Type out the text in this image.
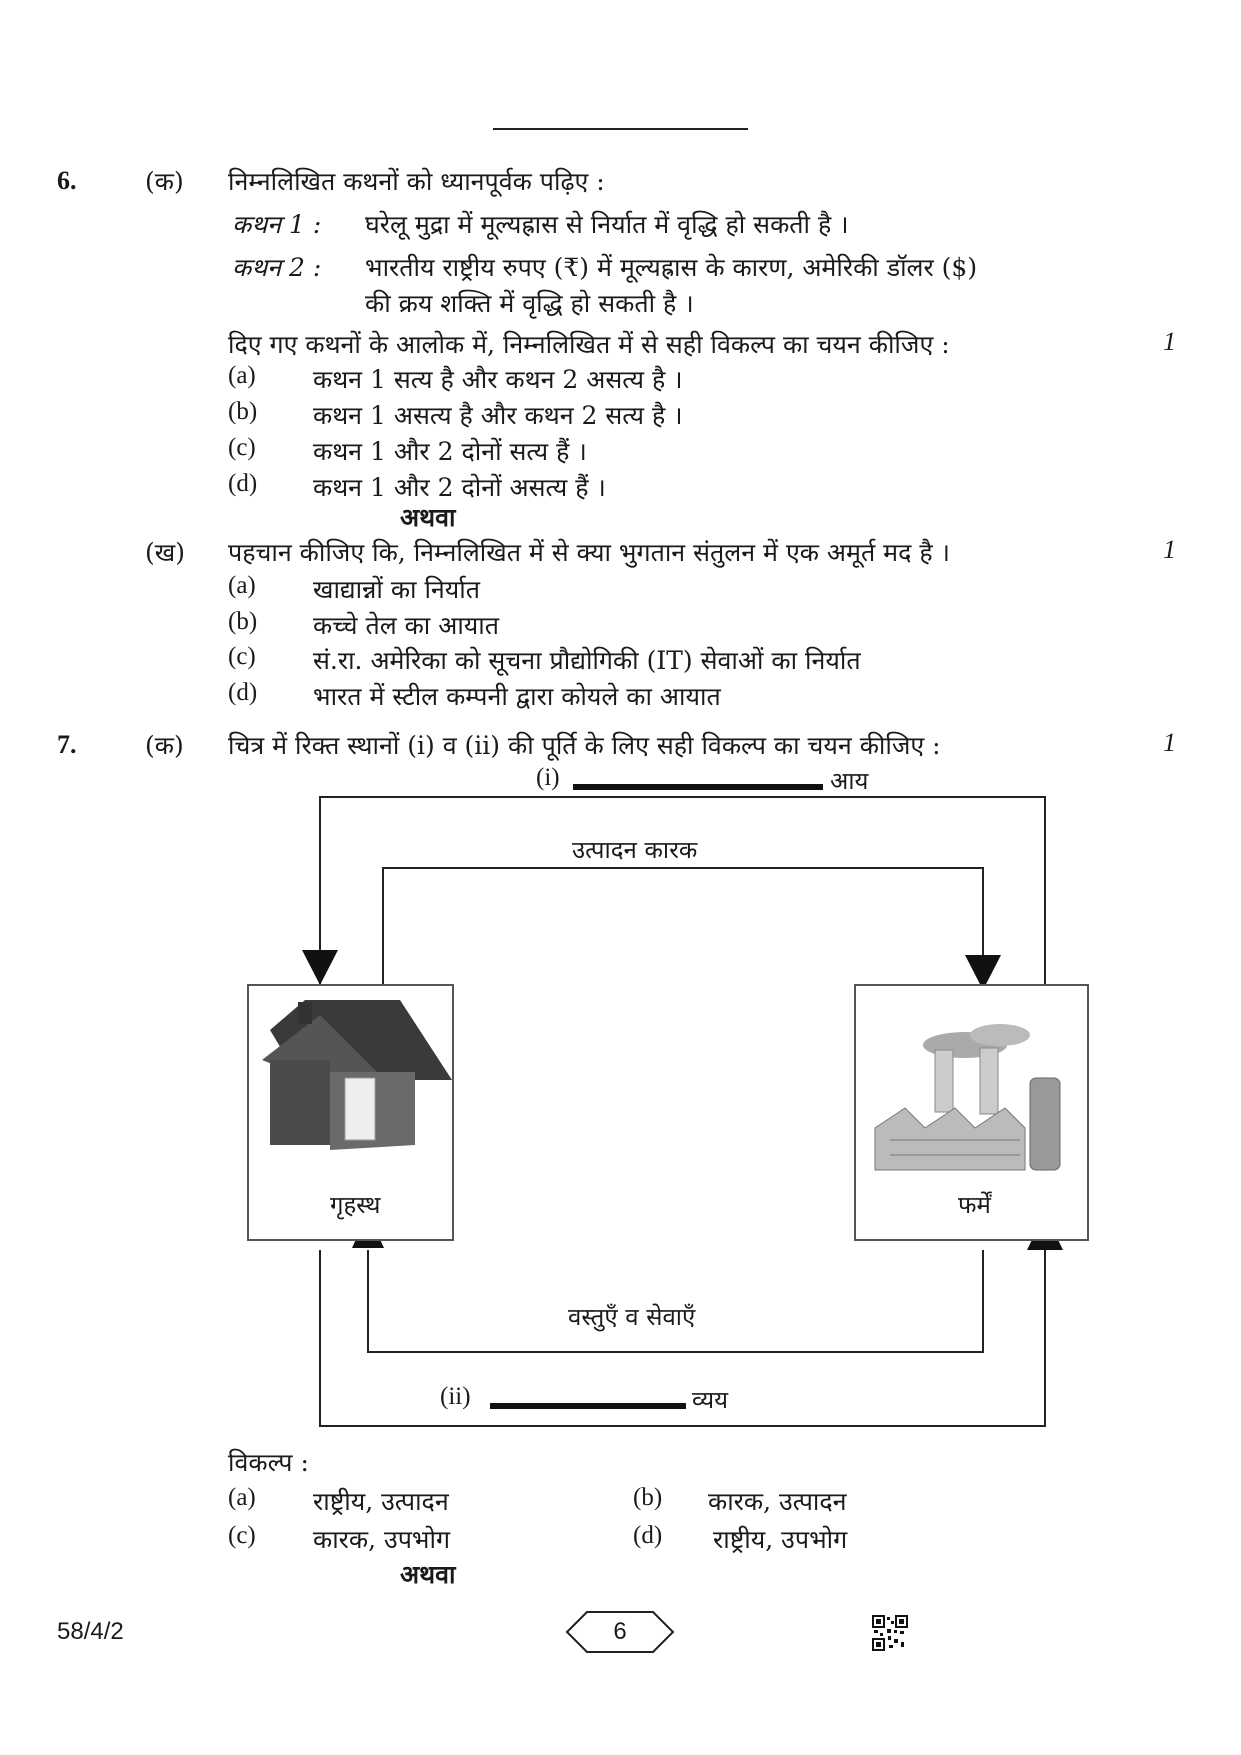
6.	(क) निम्नलिखित कथनों को ध्यानपूर्वक पढ़िए :
कथन 1 : घरेलू मुद्रा में मूल्यह्रास से निर्यात में वृद्धि हो सकती है ।
कथन 2 : भारतीय राष्ट्रीय रुपए (₹) में मूल्यह्रास के कारण, अमेरिकी डॉलर ($)
की क्रय शक्ति में वृद्धि हो सकती है ।
दिए गए कथनों के आलोक में, निम्नलिखित में से सही विकल्प का चयन कीजिए :	1
(a) कथन 1 सत्य है और कथन 2 असत्य है ।
(b) कथन 1 असत्य है और कथन 2 सत्य है ।
(c) कथन 1 और 2 दोनों सत्य हैं ।
(d) कथन 1 और 2 दोनों असत्य हैं ।
अथवा
(ख) पहचान कीजिए कि, निम्नलिखित में से क्या भुगतान संतुलन में एक अमूर्त मद है ।	1
(a) खाद्यान्नों का निर्यात
(b) कच्चे तेल का आयात
(c) सं.रा. अमेरिका को सूचना प्रौद्योगिकी (IT) सेवाओं का निर्यात
(d) भारत में स्टील कम्पनी द्वारा कोयले का आयात
7.	(क) चित्र में रिक्त स्थानों (i) व (ii) की पूर्ति के लिए सही विकल्प का चयन कीजिए :	1
(i)	आय
उत्पादन कारक
गृहस्थ	फर्में
वस्तुएँ व सेवाएँ
(ii)	व्यय
विकल्प :
(a) राष्ट्रीय, उत्पादन	(b) कारक, उत्पादन
(c) कारक, उपभोग	(d) राष्ट्रीय, उपभोग
अथवा
58/4/2	6
